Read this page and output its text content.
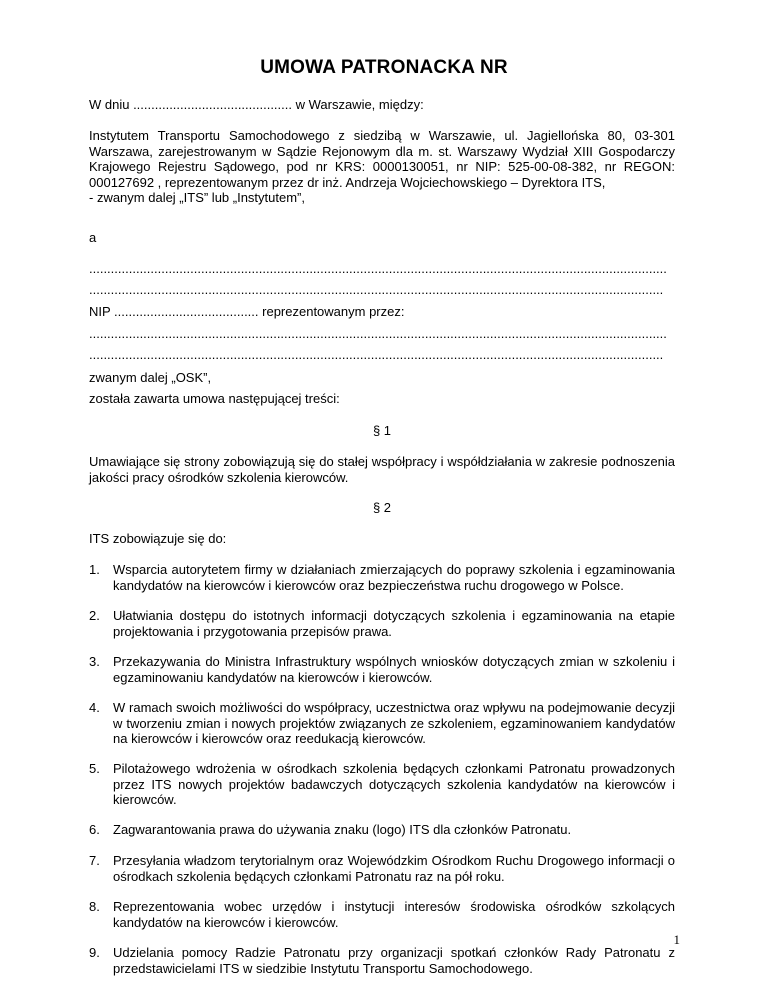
UMOWA PATRONACKA NR
W dniu ............................................ w Warszawie, między:
Instytutem Transportu Samochodowego z siedzibą w Warszawie, ul. Jagiellońska 80, 03-301 Warszawa, zarejestrowanym w Sądzie Rejonowym dla m. st. Warszawy Wydział XIII Gospodarczy Krajowego Rejestru Sądowego, pod nr KRS: 0000130051, nr NIP: 525-00-08-382, nr REGON: 000127692 , reprezentowanym przez dr inż. Andrzeja Wojciechowskiego – Dyrektora ITS,
- zwanym dalej „ITS” lub „Instytutem”,
a
................................................................................................................................................................
...............................................................................................................................................................
NIP ........................................ reprezentowanym przez:
................................................................................................................................................................
...............................................................................................................................................................
zwanym dalej „OSK”,
została zawarta umowa następującej treści:
§ 1
Umawiające się strony zobowiązują się do stałej współpracy i współdziałania w zakresie podnoszenia jakości pracy ośrodków szkolenia kierowców.
§ 2
ITS zobowiązuje się do:
1.	Wsparcia autorytetem firmy w działaniach zmierzających do poprawy szkolenia i egzaminowania kandydatów na kierowców i kierowców oraz bezpieczeństwa ruchu drogowego w Polsce.
2.	Ułatwiania dostępu do istotnych informacji dotyczących szkolenia i egzaminowania na etapie projektowania i przygotowania przepisów prawa.
3.	Przekazywania do Ministra Infrastruktury wspólnych wniosków dotyczących zmian w szkoleniu i egzaminowaniu kandydatów na kierowców i kierowców.
4.	W ramach swoich możliwości do współpracy, uczestnictwa oraz wpływu na podejmowanie decyzji w tworzeniu zmian i nowych projektów związanych ze szkoleniem, egzaminowaniem kandydatów na kierowców i kierowców oraz reedukacją kierowców.
5.	Pilotażowego wdrożenia w ośrodkach szkolenia będących członkami Patronatu prowadzonych przez ITS nowych projektów badawczych dotyczących szkolenia kandydatów na kierowców i kierowców.
6.	Zagwarantowania prawa do używania znaku (logo) ITS dla członków Patronatu.
7.	Przesyłania władzom terytorialnym oraz Wojewódzkim Ośrodkom Ruchu Drogowego informacji o ośrodkach szkolenia będących członkami Patronatu raz na pół roku.
8.	Reprezentowania wobec urzędów i instytucji interesów środowiska ośrodków szkolących kandydatów na kierowców i kierowców.
9.	Udzielania pomocy Radzie Patronatu przy organizacji spotkań członków Rady Patronatu z przedstawicielami ITS w siedzibie Instytutu Transportu Samochodowego.
1
